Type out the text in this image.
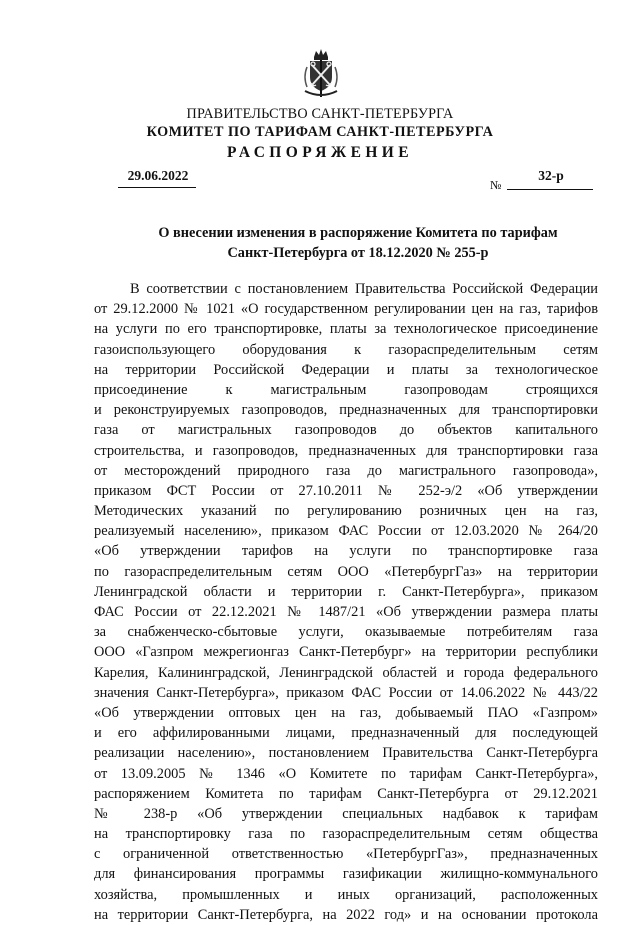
ПРАВИТЕЛЬСТВО САНКТ-ПЕТЕРБУРГА
КОМИТЕТ ПО ТАРИФАМ САНКТ-ПЕТЕРБУРГА
РАСПОРЯЖЕНИЕ
29.06.2022
№
32-р
О внесении изменения в распоряжение Комитета по тарифам
Санкт-Петербурга от 18.12.2020 № 255-р
В соответствии с постановлением Правительства Российской Федерации
от 29.12.2000 № 1021 «О государственном регулировании цен на газ, тарифов
на услуги по его транспортировке, платы за технологическое присоединение
газоиспользующего оборудования к газораспределительным сетям
на территории Российской Федерации и платы за технологическое
присоединение к магистральным газопроводам строящихся
и реконструируемых газопроводов, предназначенных для транспортировки
газа от магистральных газопроводов до объектов капитального
строительства, и газопроводов, предназначенных для транспортировки газа
от месторождений природного газа до магистрального газопровода»,
приказом ФСТ России от 27.10.2011 № 252-э/2 «Об утверждении
Методических указаний по регулированию розничных цен на газ,
реализуемый населению», приказом ФАС России от 12.03.2020 № 264/20
«Об утверждении тарифов на услуги по транспортировке газа
по газораспределительным сетям ООО «ПетербургГаз» на территории
Ленинградской области и территории г. Санкт-Петербурга», приказом
ФАС России от 22.12.2021 № 1487/21 «Об утверждении размера платы
за снабженческо-сбытовые услуги, оказываемые потребителям газа
ООО «Газпром межрегионгаз Санкт-Петербург» на территории республики
Карелия, Калининградской, Ленинградской областей и города федерального
значения Санкт-Петербурга», приказом ФАС России от 14.06.2022 № 443/22
«Об утверждении оптовых цен на газ, добываемый ПАО «Газпром»
и его аффилированными лицами, предназначенный для последующей
реализации населению», постановлением Правительства Санкт-Петербурга
от 13.09.2005 № 1346 «О Комитете по тарифам Санкт-Петербурга»,
распоряжением Комитета по тарифам Санкт-Петербурга от 29.12.2021
№ 238-р «Об утверждении специальных надбавок к тарифам
на транспортировку газа по газораспределительным сетям общества
с ограниченной ответственностью «ПетербургГаз», предназначенных
для финансирования программы газификации жилищно-коммунального
хозяйства, промышленных и иных организаций, расположенных
на территории Санкт-Петербурга, на 2022 год» и на основании протокола
